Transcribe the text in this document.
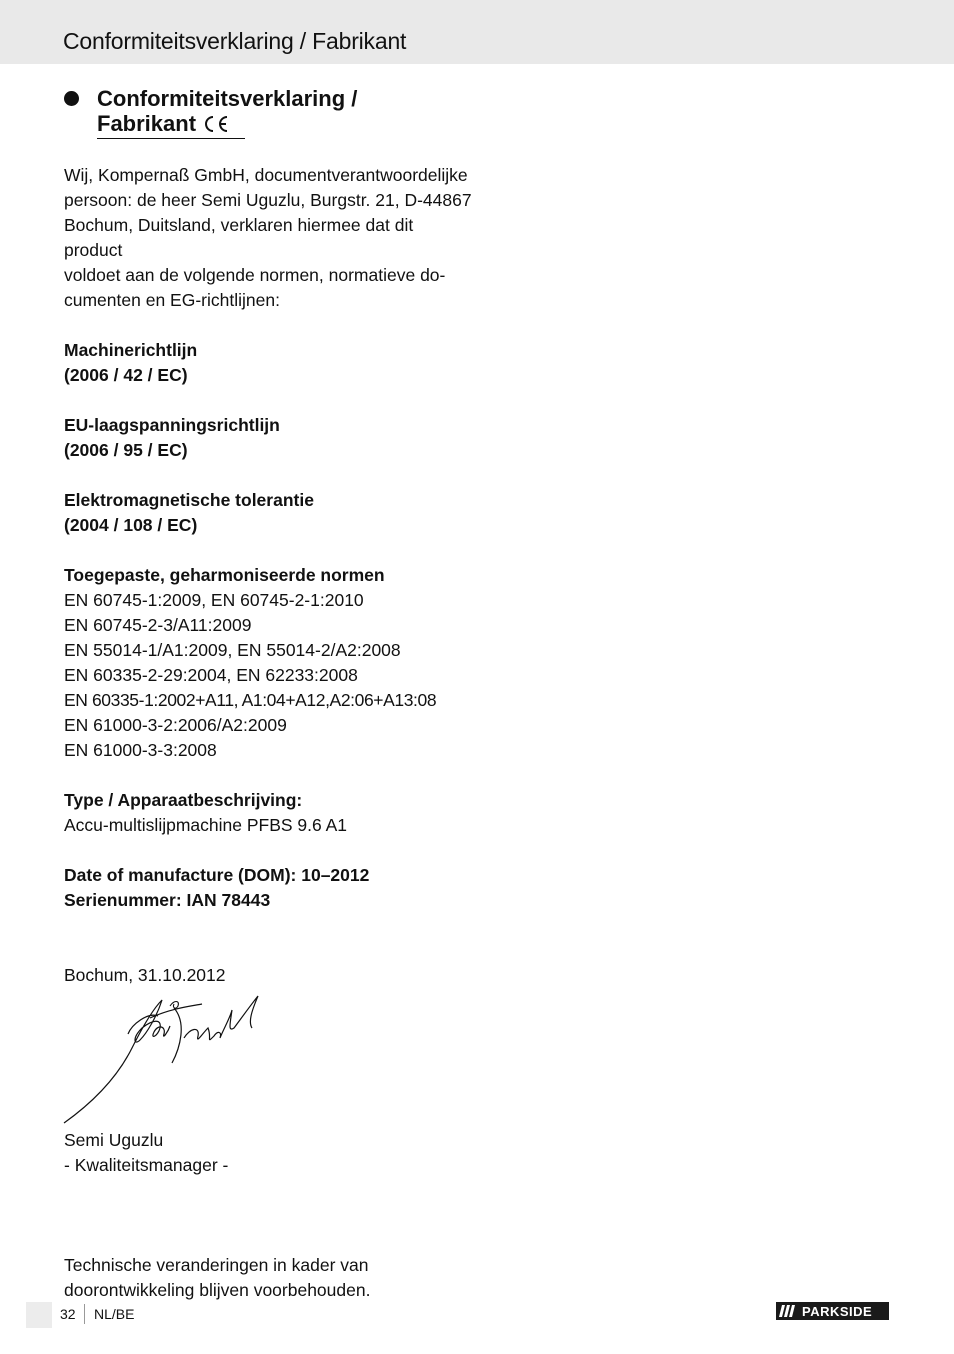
Conformiteitsverklaring / Fabrikant
Conformiteitsverklaring /

Fabrikant

Wij, Kompernaß GmbH, documentverantwoordelijke

persoon: de heer Semi Uguzlu, Burgstr. 21, D-44867

Bochum, Duitsland, verklaren hiermee dat dit product

voldoet aan de volgende normen, normatieve do-

cumenten en EG-richtlijnen:

Machinerichtlijn

(2006 / 42 / EC)

EU-laagspanningsrichtlijn

(2006 / 95 / EC)

Elektromagnetische tolerantie

(2004 / 108 / EC)

Toegepaste, geharmoniseerde normen

EN 60745-1:2009, EN 60745-2-1:2010

EN 60745-2-3/A11:2009

EN 55014-1/A1:2009, EN 55014-2/A2:2008

EN 60335-2-29:2004, EN 62233:2008

EN 60335-1:2002+A11, A1:04+A12,A2:06+A13:08

EN 61000-3-2:2006/A2:2009

EN 61000-3-3:2008

Type / Apparaatbeschrijving:

Accu-multislijpmachine PFBS 9.6 A1

Date of manufacture (DOM): 10–2012

Serienummer: IAN 78443

Bochum, 31.10.2012

Semi Uguzlu

- Kwaliteitsmanager -

Technische veranderingen in kader van

doorontwikkeling blijven voorbehouden.

32 NL/BE	PARKSIDE
